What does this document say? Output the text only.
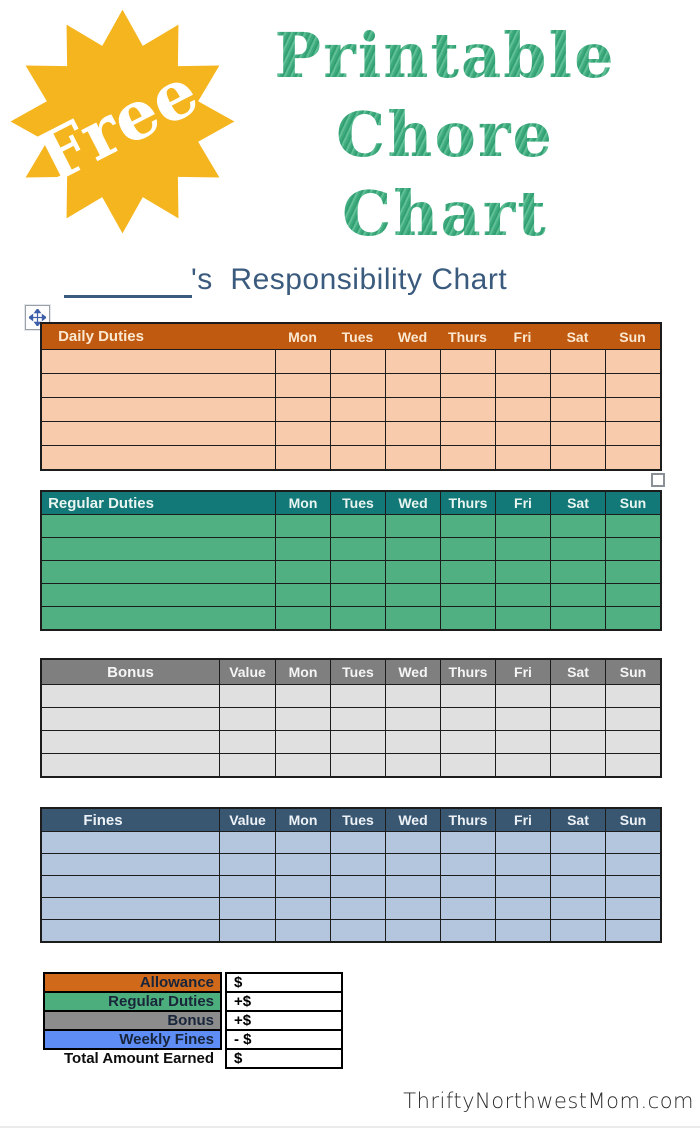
Free	Printable
Chore
Chart
's  Responsibility Chart
Daily Duties	Mon	Tues	Wed	Thurs	Fri	Sat	Sun
Regular Duties	Mon	Tues	Wed	Thurs	Fri	Sat	Sun
Bonus	Value	Mon	Tues	Wed	Thurs	Fri	Sat	Sun
Fines	Value	Mon	Tues	Wed	Thurs	Fri	Sat	Sun
Allowance	$
Regular Duties	+$
Bonus	+$
Weekly Fines	- $
Total Amount Earned	$
ThriftyNorthwestMom.com
